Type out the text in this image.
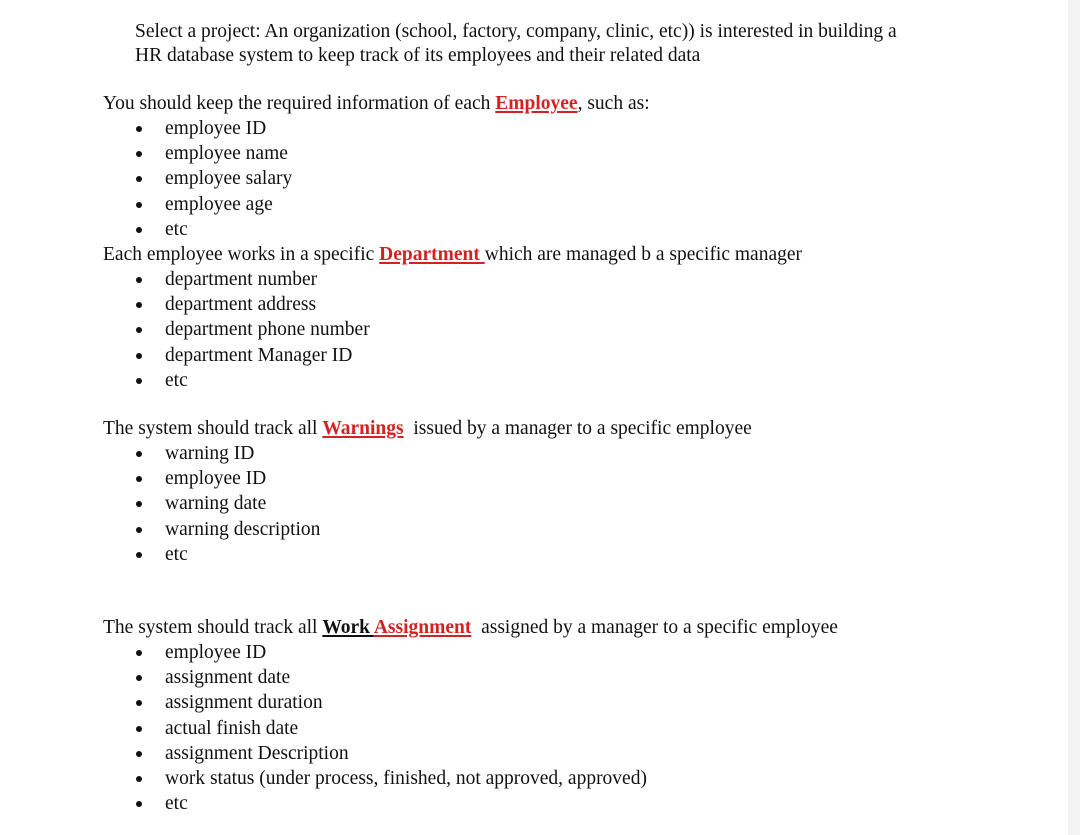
Select a project: An organization (school, factory, company, clinic, etc)) is interested in building a
HR database system to keep track of its employees and their related data

You should keep the required information of each Employee, such as:

employee ID
employee name
employee salary
employee age
etc

Each employee works in a specific Department which are managed b a specific manager

department number
department address
department phone number
department Manager ID
etc

The system should track all Warnings  issued by a manager to a specific employee

warning ID
employee ID
warning date
warning description
etc

The system should track all Work Assignment  assigned by a manager to a specific employee

employee ID
assignment date
assignment duration
actual finish date
assignment Description
work status (under process, finished, not approved, approved)
etc
